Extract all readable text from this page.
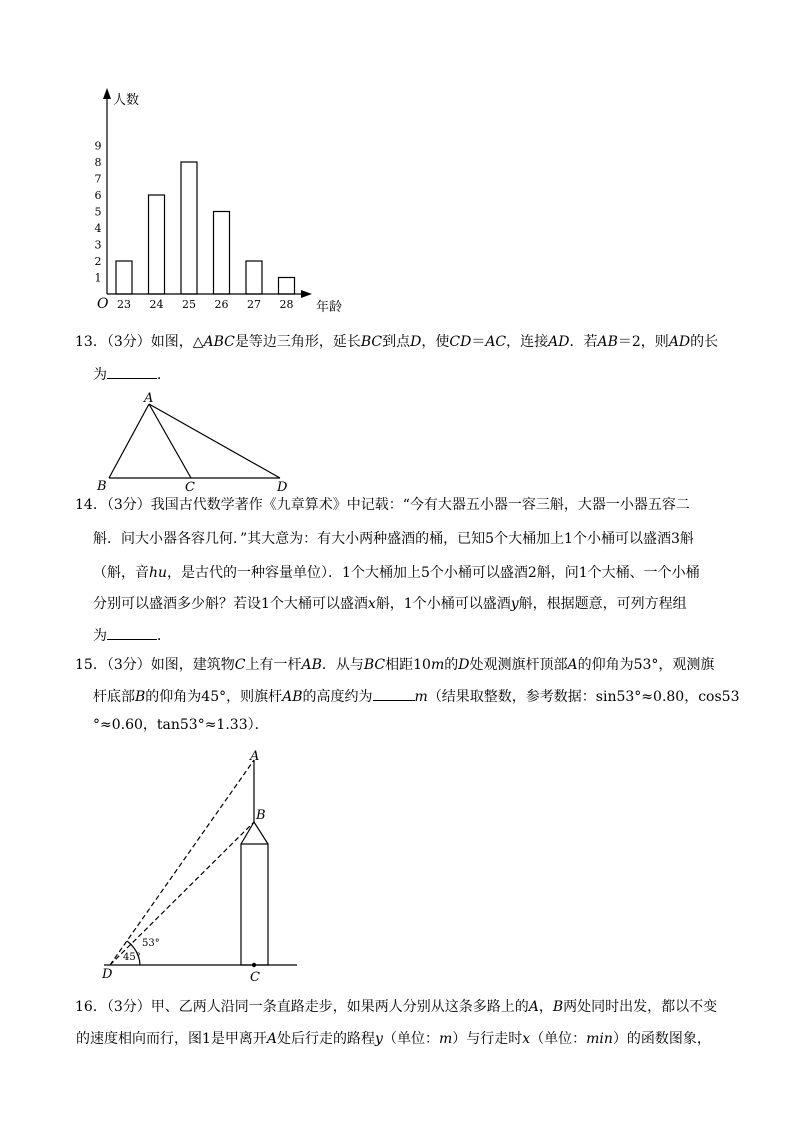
1
2
3
4
5
6
7
8
9
23 24 25 26 27 28
人数
年龄
O
13．（3分）如图，△ABC是等边三角形，延长BC到点D，使CD＝AC，连接AD．若AB＝2，则AD的长
为	．
A
B	C	D
14．（3分）我国古代数学著作《九章算术》中记载：“今有大器五小器一容三斛，大器一小器五容二
斛．问大小器各容几何．”其大意为：有大小两种盛酒的桶，已知5个大桶加上1个小桶可以盛酒3斛
（斛，音hu，是古代的一种容量单位）．1个大桶加上5个小桶可以盛酒2斛，问1个大桶、一个小桶
分别可以盛酒多少斛？若设1个大桶可以盛酒x斛，1个小桶可以盛酒y斛，根据题意，可列方程组
为	．
15．（3分）如图，建筑物C上有一杆AB．从与BC相距10m的D处观测旗杆顶部A的仰角为53°，观测旗
杆底部B的仰角为45°，则旗杆AB的高度约为	m（结果取整数，参考数据：sin53°≈0.80，cos53
°≈0.60，tan53°≈1.33）．
A
B
C
D
53°
45°
16．（3分）甲、乙两人沿同一条直路走步，如果两人分别从这条多路上的A，B两处同时出发，都以不变
的速度相向而行，图1是甲离开A处后行走的路程y（单位：m）与行走时x（单位：min）的函数图象，
